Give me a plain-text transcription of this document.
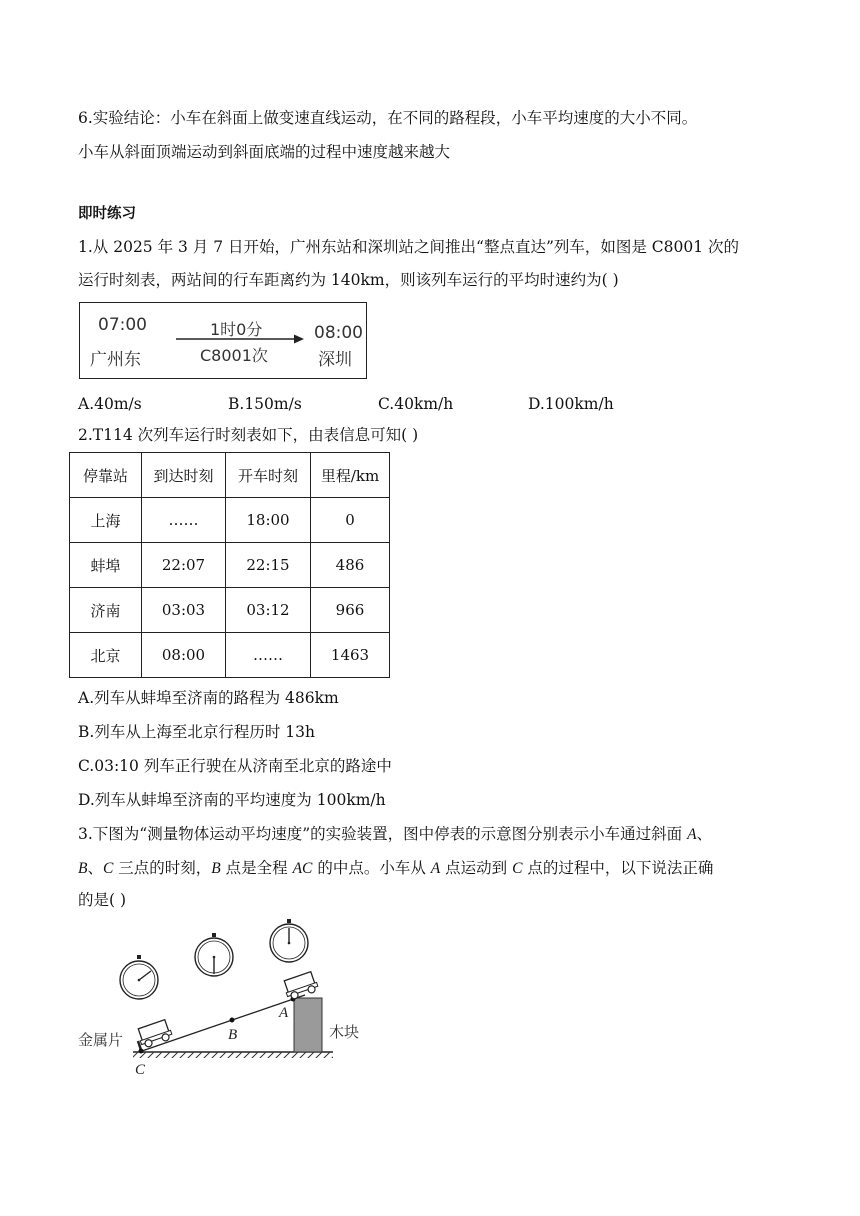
6.实验结论：小车在斜面上做变速直线运动，在不同的路程段，小车平均速度的大小不同。
小车从斜面顶端运动到斜面底端的过程中速度越来越大
即时练习
1.从 2025 年 3 月 7 日开始，广州东站和深圳站之间推出“整点直达”列车，如图是 C8001 次的
运行时刻表，两站间的行车距离约为 140km，则该列车运行的平均时速约为( )
07:00
广州东
1时0分
C8001次
08:00
深圳
A.40m/s	B.150m/s	C.40km/h	D.100km/h
2.T114 次列车运行时刻表如下，由表信息可知( )
停靠站	到达时刻	开车时刻	里程/km
上海	……	18:00	0
蚌埠	22:07	22:15	486
济南	03:03	03:12	966
北京	08:00	……	1463
A.列车从蚌埠至济南的路程为 486km
B.列车从上海至北京行程历时 13h
C.03:10 列车正行驶在从济南至北京的路途中
D.列车从蚌埠至济南的平均速度为 100km/h
3.下图为“测量物体运动平均速度”的实验装置，图中停表的示意图分别表示小车通过斜面 A、
B、C 三点的时刻，B 点是全程 AC 的中点。小车从 A 点运动到 C 点的过程中，以下说法正确
的是( )
金属片	木块
A
B
C
